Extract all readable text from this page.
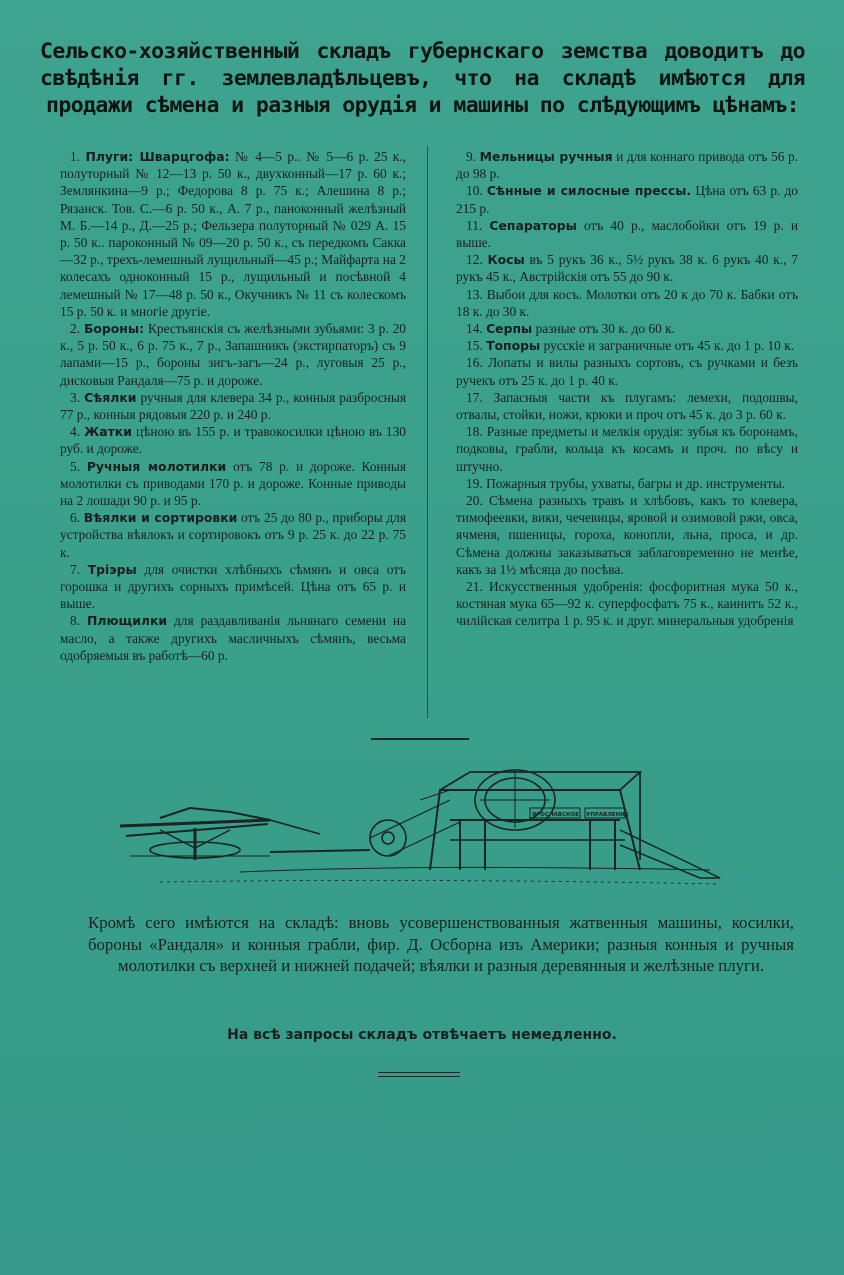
Сельско-хозяйственный складъ губернскаго земства доводитъ до свѣдѣнія гг. землевладѣльцевъ, что на складѣ имѣются для продажи сѣмена и разныя орудія и машины по слѣдующимъ цѣнамъ:
1. Плуги: Шварцгофа: № 4—5 р.. № 5—6 р. 25 к., полуторный № 12—13 р. 50 к., двухконный—17 р. 60 к.; Землянкина—9 р.; Федорова 8 р. 75 к.; Алешина 8 р.; Рязанск. Тов. С.—6 р. 50 к., А. 7 р., паноконный желѣзный М. Б.—14 р., Д.—25 р.; Фельзера полуторный № 029 А. 15 р. 50 к.. пароконный № 09—20 р. 50 к., съ передкомъ Сакка—32 р., трехъ-лемешный лущильный—45 р.; Майфарта на 2 колесахъ одноконный 15 р., лущильный и посѣвной 4 лемешный № 17—48 р. 50 к., Окучникъ № 11 съ колескомъ 15 р. 50 к. и многіе другіе.
2. Бороны: Крестьянскія съ желѣзными зубьями: 3 р. 20 к., 5 р. 50 к., 6 р. 75 к., 7 р., Запашникъ (экстирпаторъ) съ 9 лапами—15 р., бороны зигъ-загъ—24 р., луговыя 25 р., дисковыя Рандаля—75 р. и дороже.
3. Сѣялки ручныя для клевера 34 р., конныя разбросныя 77 р., конныя рядовыя 220 р. и 240 р.
4. Жатки цѣною въ 155 р. и травокосилки цѣною въ 130 руб. и дороже.
5. Ручныя молотилки отъ 78 р. и дороже. Конныя молотилки съ приводами 170 р. и дороже. Конные приводы на 2 лошади 90 р. и 95 р.
6. Вѣялки и сортировки отъ 25 до 80 р., приборы для устройства вѣялокъ и сортировокъ отъ 9 р. 25 к. до 22 р. 75 к.
7. Тріэры для очистки хлѣбныхъ сѣмянъ и овса отъ горошка и другихъ сорныхъ примѣсей. Цѣна отъ 65 р. и выше.
8. Плющилки для раздавливанія льнянаго семени на масло, а также другихъ масличныхъ сѣмянъ, весьма одобряемыя въ работѣ—60 р.
9. Мельницы ручныя и для коннаго привода отъ 56 р. до 98 р.
10. Сѣнные и силосные прессы. Цѣна отъ 63 р. до 215 р.
11. Сепараторы отъ 40 р., маслобойки отъ 19 р. и выше.
12. Косы въ 5 рукъ 36 к., 5½ рукъ 38 к. 6 рукъ 40 к., 7 рукъ 45 к., Австрійскія отъ 55 до 90 к.
13. Выбои для косъ. Молотки отъ 20 к до 70 к. Бабки отъ 18 к. до 30 к.
14. Серпы разные отъ 30 к. до 60 к.
15. Топоры русскіе и заграничные отъ 45 к. до 1 р. 10 к.
16. Лопаты и вилы разныхъ сортовъ, съ ручками и безъ ручекъ отъ 25 к. до 1 р. 40 к.
17. Запасныя части къ плугамъ: лемехи, подошвы, отвалы, стойки, ножи, крюки и проч отъ 45 к. до 3 р. 60 к.
18. Разные предметы и мелкія орудія: зубья къ боронамъ, подковы, грабли, кольца къ косамъ и проч. по вѣсу и штучно.
19. Пожарныя трубы, ухваты, багры и др. инструменты.
20. Сѣмена разныхъ травъ и хлѣбовъ, какъ то клевера, тимофеевки, вики, чечевицы, яровой и озимовой ржи, овса, ячменя, пшеницы, гороха, конопли, льна, проса, и др. Сѣмена должны заказываться заблаговременно не менѣе, какъ за 1½ мѣсяца до посѣва.
21. Искусственныя удобренія: фосфоритная мука 50 к., костяная мука 65—92 к. суперфосфатъ 75 к., каинитъ 52 к., чилійская селитра 1 р. 95 к. и друг. минеральныя удобренія
ЯРОСЛАВСКОЕ УПРАВЛЕНИЕ
Кромѣ сего имѣются на складѣ: вновь усовершенствованныя жатвенныя машины, косилки, бороны «Рандаля» и конныя грабли, фир. Д. Осборна изъ Америки; разныя конныя и ручныя молотилки съ верхней и нижней подачей; вѣялки и разныя деревянныя и желѣзные плуги.
На всѣ запросы складъ отвѣчаетъ немедленно.
